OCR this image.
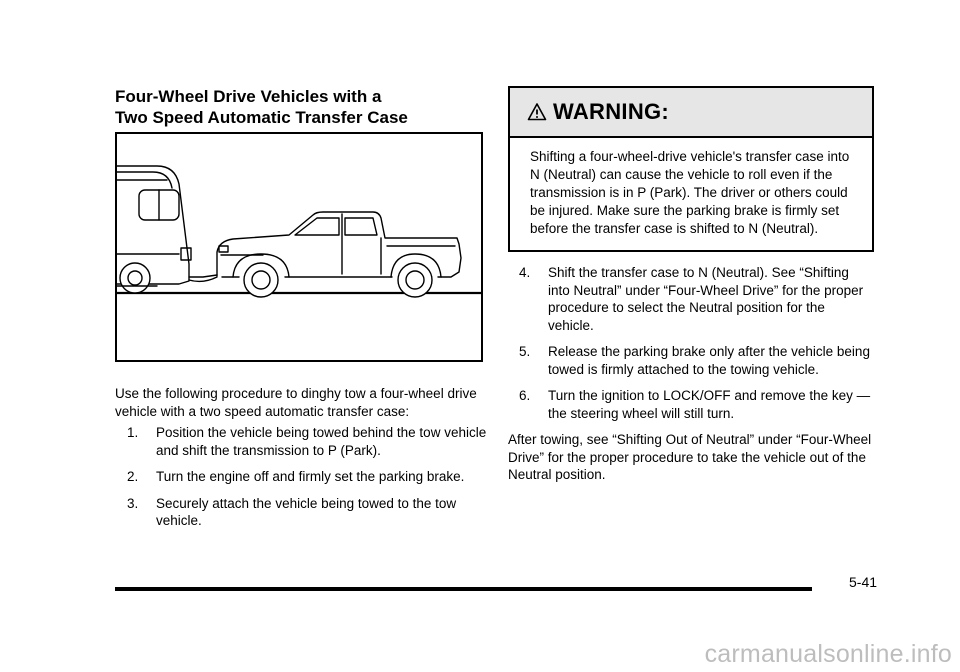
Four-Wheel Drive Vehicles with a
Two Speed Automatic Transfer Case

Use the following procedure to dinghy tow a four-wheel drive vehicle with a two speed automatic transfer case:

1. Position the vehicle being towed behind the tow vehicle and shift the transmission to P (Park).
2. Turn the engine off and firmly set the parking brake.
3. Securely attach the vehicle being towed to the tow vehicle.
WARNING:

Shifting a four-wheel-drive vehicle's transfer case into N (Neutral) can cause the vehicle to roll even if the transmission is in P (Park). The driver or others could be injured. Make sure the parking brake is firmly set before the transfer case is shifted to N (Neutral).

4. Shift the transfer case to N (Neutral). See “Shifting into Neutral” under “Four-Wheel Drive” for the proper procedure to select the Neutral position for the vehicle.
5. Release the parking brake only after the vehicle being towed is firmly attached to the towing vehicle.
6. Turn the ignition to LOCK/OFF and remove the key — the steering wheel will still turn.

After towing, see “Shifting Out of Neutral” under “Four-Wheel Drive” for the proper procedure to take the vehicle out of the Neutral position.

5-41
carmanualsonline.info
